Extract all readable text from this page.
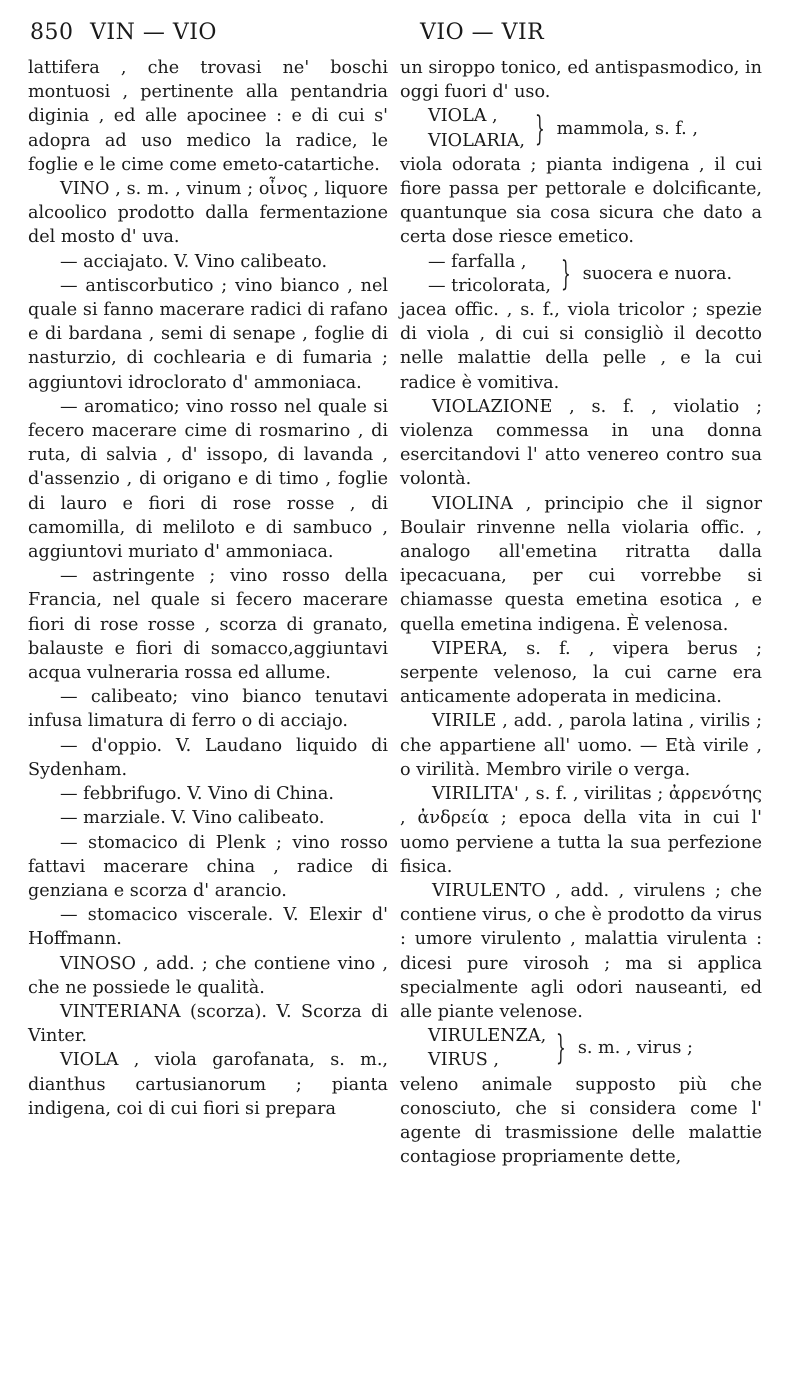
850 VIN — VIO	VIO — VIR

lattifera , che trovasi ne' boschi montuosi , pertinente alla pentandria diginia , ed alle apocinee : e di cui s' adopra ad uso medico la radice, le foglie e le cime come emeto-catartiche.

VINO , s. m. , vinum ; οἶνος , liquore alcoolico prodotto dalla fermentazione del mosto d' uva.

— acciajato. V. Vino calibeato.

— antiscorbutico ; vino bianco , nel quale si fanno macerare radici di rafano e di bardana , semi di senape , foglie di nasturzio, di cochlearia e di fumaria ; aggiuntovi idroclorato d' ammoniaca.

— aromatico; vino rosso nel quale si fecero macerare cime di rosmarino , di ruta, di salvia , d' issopo, di lavanda , d'assenzio , di origano e di timo , foglie di lauro e fiori di rose rosse , di camomilla, di meliloto e di sambuco , aggiuntovi muriato d' ammoniaca.

— astringente ; vino rosso della Francia, nel quale si fecero macerare fiori di rose rosse , scorza di granato, balauste e fiori di somacco,aggiuntavi acqua vulneraria rossa ed allume.

— calibeato; vino bianco tenutavi infusa limatura di ferro o di acciajo.

— d'oppio. V. Laudano liquido di Sydenham.

— febbrifugo. V. Vino di China.

— marziale. V. Vino calibeato.

— stomacico di Plenk ; vino rosso fattavi macerare china , radice di genziana e scorza d' arancio.

— stomacico viscerale. V. Elexir d' Hoffmann.

VINOSO , add. ; che contiene vino , che ne possiede le qualità.

VINTERIANA (scorza). V. Scorza di Vinter.

VIOLA , viola garofanata, s. m., dianthus cartusianorum ; pianta indigena, coi di cui fiori si prepara

un siroppo tonico, ed antispasmodico, in oggi fuori d' uso.

VIOLA ,
VIOLARIA, } mammola, s. f. ,

viola odorata ; pianta indigena , il cui fiore passa per pettorale e dolcificante, quantunque sia cosa sicura che dato a certa dose riesce emetico.

— farfalla ,
— tricolorata, } suocera e nuora.

jacea offic. , s. f., viola tricolor ; spezie di viola , di cui si consigliò il decotto nelle malattie della pelle , e la cui radice è vomitiva.

VIOLAZIONE , s. f. , violatio ; violenza commessa in una donna esercitandovi l' atto venereo contro sua volontà.

VIOLINA , principio che il signor Boulair rinvenne nella violaria offic. , analogo all'emetina ritratta dalla ipecacuana, per cui vorrebbe si chiamasse questa emetina esotica , e quella emetina indigena. È velenosa.

VIPERA, s. f. , vipera berus ; serpente velenoso, la cui carne era anticamente adoperata in medicina.

VIRILE , add. , parola latina , virilis ; che appartiene all' uomo. — Età virile , o virilità. Membro virile o verga.

VIRILITA' , s. f. , virilitas ; ἀρρενότης , ἀνδρεία ; epoca della vita in cui l' uomo perviene a tutta la sua perfezione fisica.

VIRULENTO , add. , virulens ; che contiene virus, o che è prodotto da virus : umore virulento , malattia virulenta : dicesi pure virosoh ; ma si applica specialmente agli odori nauseanti, ed alle piante velenose.

VIRULENZA,
VIRUS ,	} s. m. , virus ;

veleno animale supposto più che conosciuto, che si considera come l' agente di trasmissione delle malattie contagiose propriamente dette,
